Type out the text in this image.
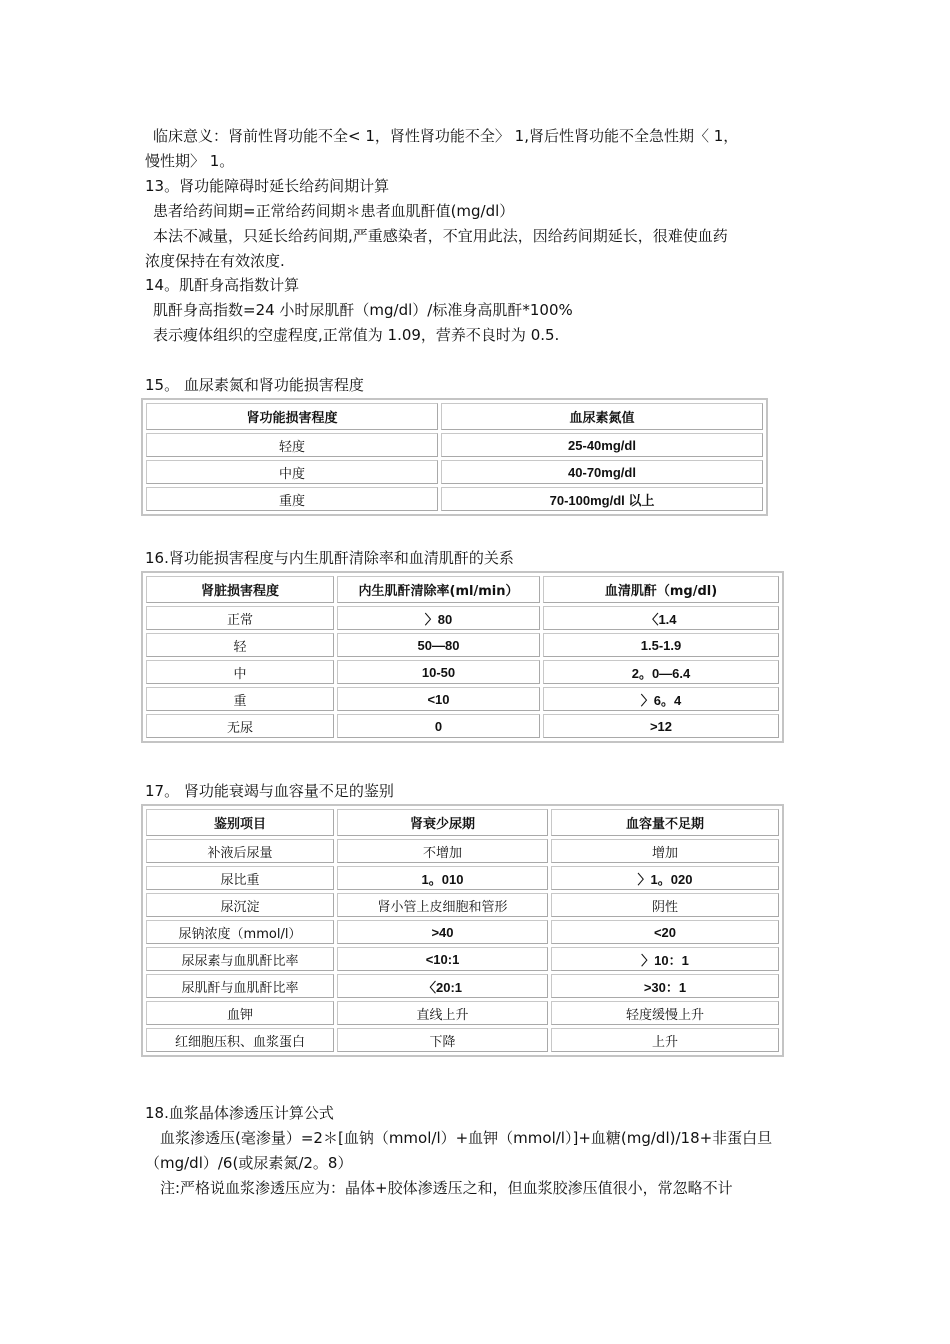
临床意义：肾前性肾功能不全< 1，肾性肾功能不全〉 1,肾后性肾功能不全急性期〈 1，
慢性期〉 1。
13。肾功能障碍时延长给药间期计算
患者给药间期=正常给药间期＊患者血肌酐值(mg/dl）
本法不减量，只延长给药间期,严重感染者，不宜用此法，因给药间期延长，很难使血药
浓度保持在有效浓度.
14。肌酐身高指数计算
肌酐身高指数=24 小时尿肌酐（mg/dl）/标准身高肌酐*100%
表示瘦体组织的空虚程度,正常值为 1.09，营养不良时为 0.5.
15。 血尿素氮和肾功能损害程度
肾功能损害程度	血尿素氮值
轻度	25-40mg/dl
中度	40-70mg/dl
重度	70-100mg/dl 以上
16.肾功能损害程度与内生肌酐清除率和血清肌酐的关系
肾脏损害程度	内生肌酐清除率(ml/min）	血清肌酐（mg/dl)
正常	〉80	〈1.4
轻	50—80	1.5-1.9
中	10-50	2。0—6.4
重	<10	〉6。4
无尿	0	>12
17。 肾功能衰竭与血容量不足的鉴别
鉴别项目	肾衰少尿期	血容量不足期
补液后尿量	不增加	增加
尿比重	1。010	〉1。020
尿沉淀	肾小管上皮细胞和管形	阴性
尿钠浓度（mmol/l）	>40	<20
尿尿素与血肌酐比率	<10:1	〉10：1
尿肌酐与血肌酐比率	〈20:1	>30：1
血钾	直线上升	轻度缓慢上升
红细胞压积、血浆蛋白	下降	上升
18.血浆晶体渗透压计算公式
血浆渗透压(毫渗量）=2＊[血钠（mmol/l）+血钾（mmol/l）]+血糖(mg/dl)/18+非蛋白旦
（mg/dl）/6(或尿素氮/2。8）
注:严格说血浆渗透压应为：晶体+胶体渗透压之和，但血浆胶渗压值很小，常忽略不计
